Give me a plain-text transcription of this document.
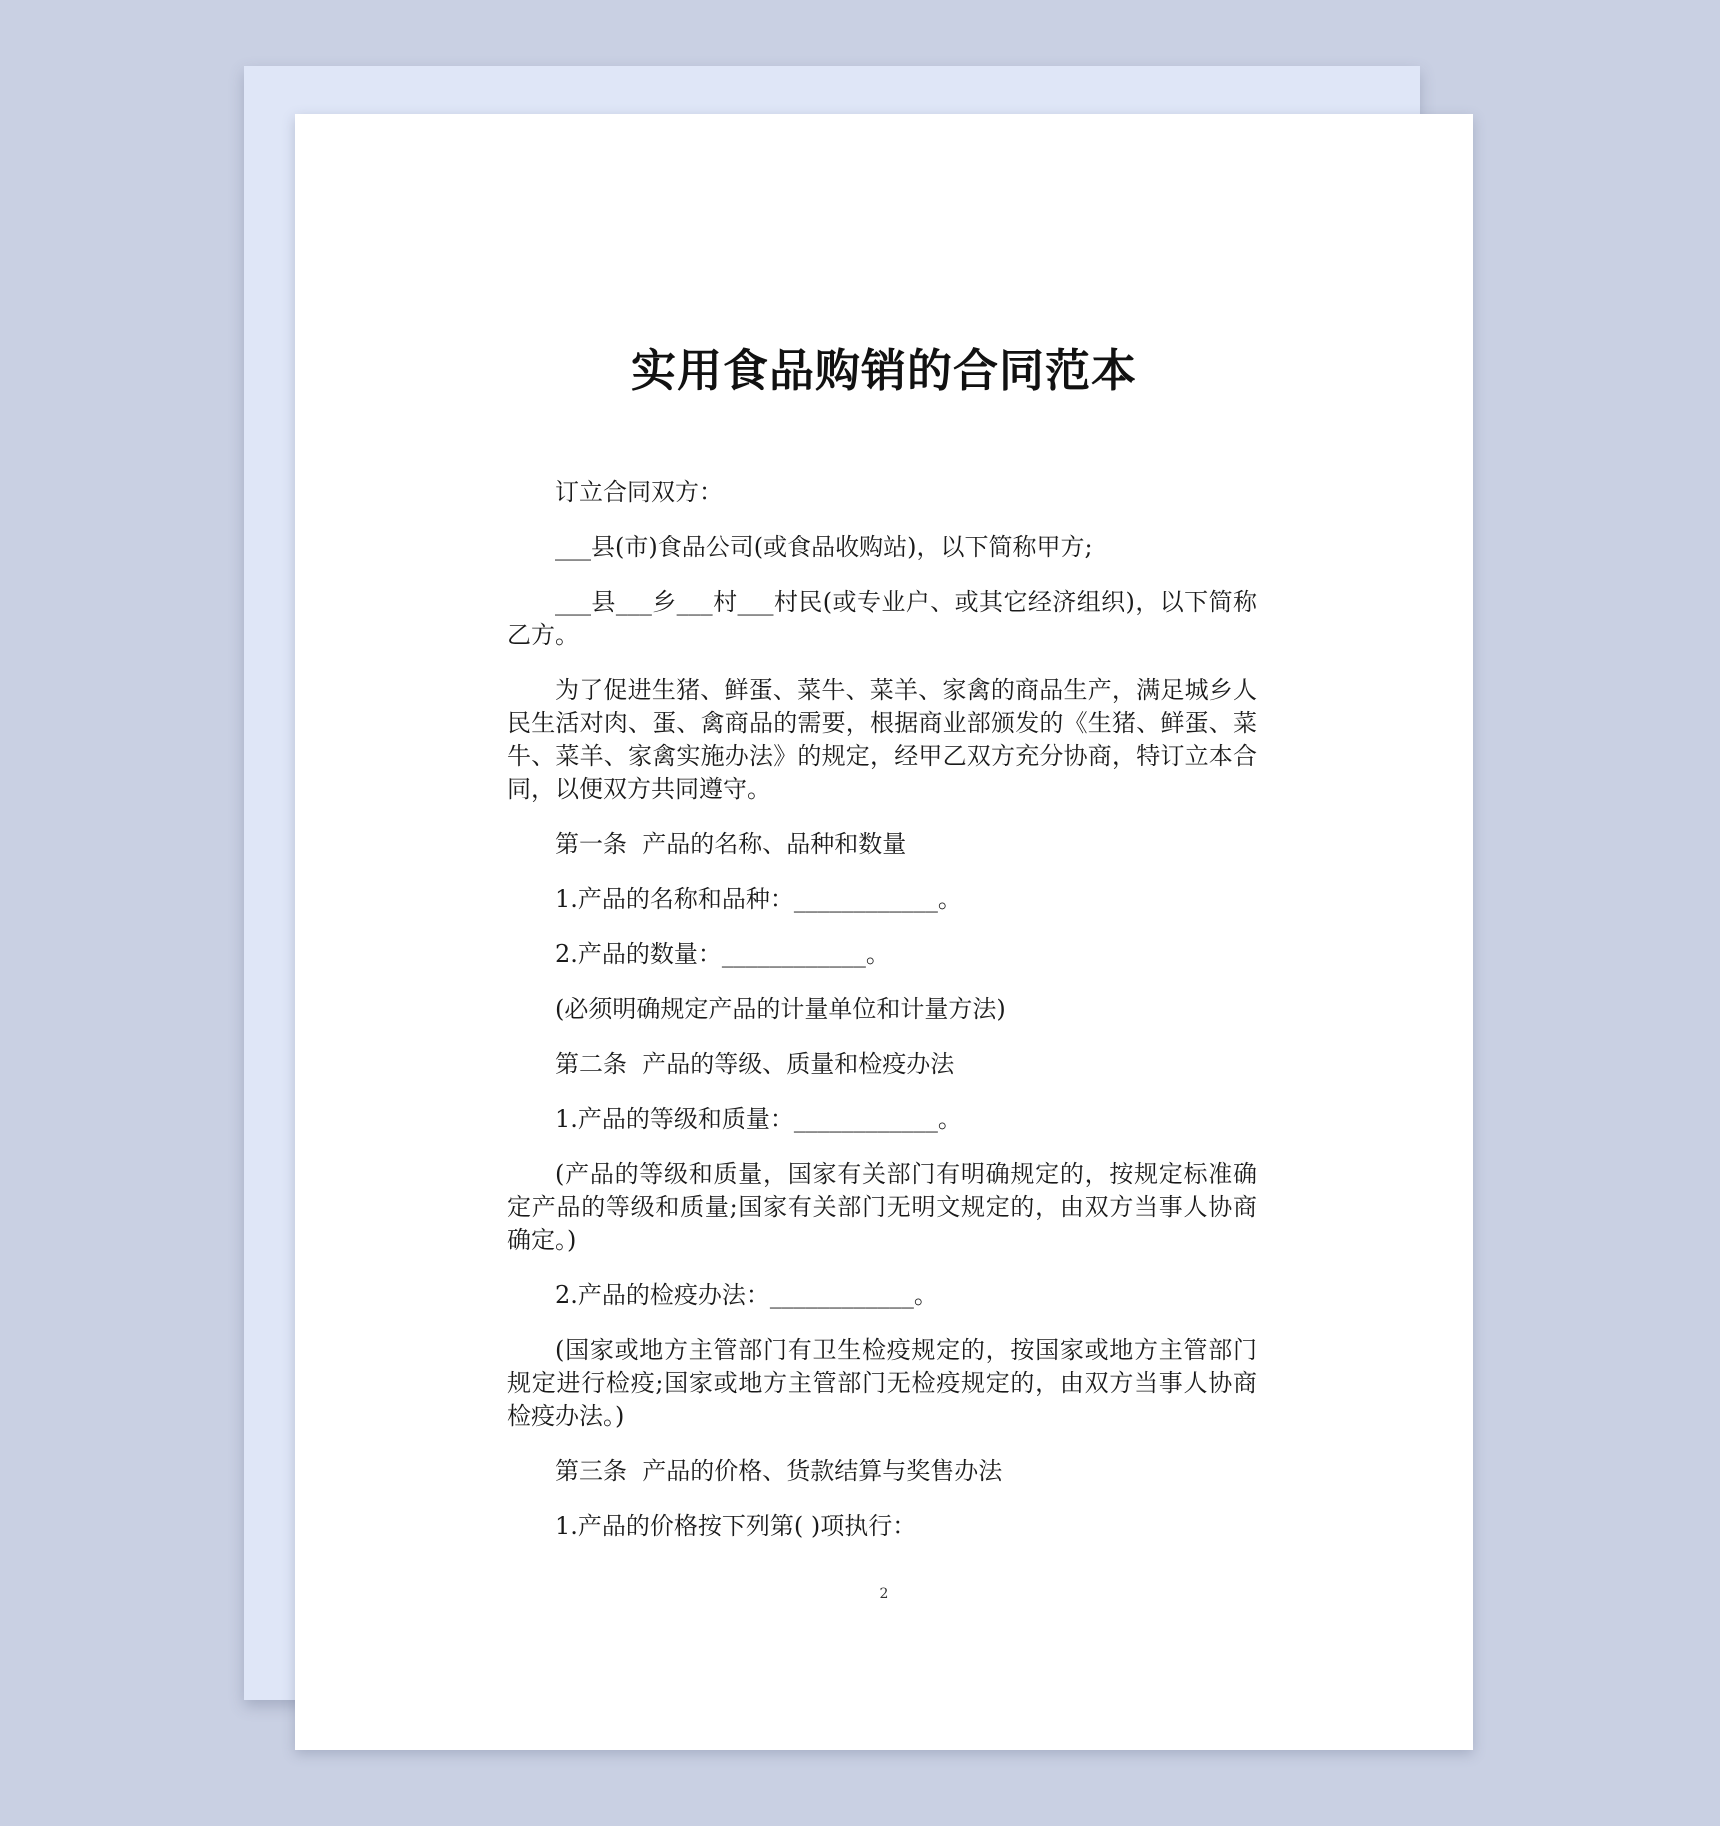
实用食品购销的合同范本

订立合同双方：

___县(市)食品公司(或食品收购站)，以下简称甲方;

___县___乡___村___村民(或专业户、或其它经济组织)，以下简称乙方。

为了促进生猪、鲜蛋、菜牛、菜羊、家禽的商品生产，满足城乡人民生活对肉、蛋、禽商品的需要，根据商业部颁发的《生猪、鲜蛋、菜牛、菜羊、家禽实施办法》的规定，经甲乙双方充分协商，特订立本合同，以便双方共同遵守。

第一条  产品的名称、品种和数量

1.产品的名称和品种：____________。

2.产品的数量：____________。

(必须明确规定产品的计量单位和计量方法)

第二条  产品的等级、质量和检疫办法

1.产品的等级和质量：____________。

(产品的等级和质量，国家有关部门有明确规定的，按规定标准确定产品的等级和质量;国家有关部门无明文规定的，由双方当事人协商确定。)

2.产品的检疫办法：____________。

(国家或地方主管部门有卫生检疫规定的，按国家或地方主管部门规定进行检疫;国家或地方主管部门无检疫规定的，由双方当事人协商检疫办法。)

第三条  产品的价格、货款结算与奖售办法

1.产品的价格按下列第( )项执行：

2
